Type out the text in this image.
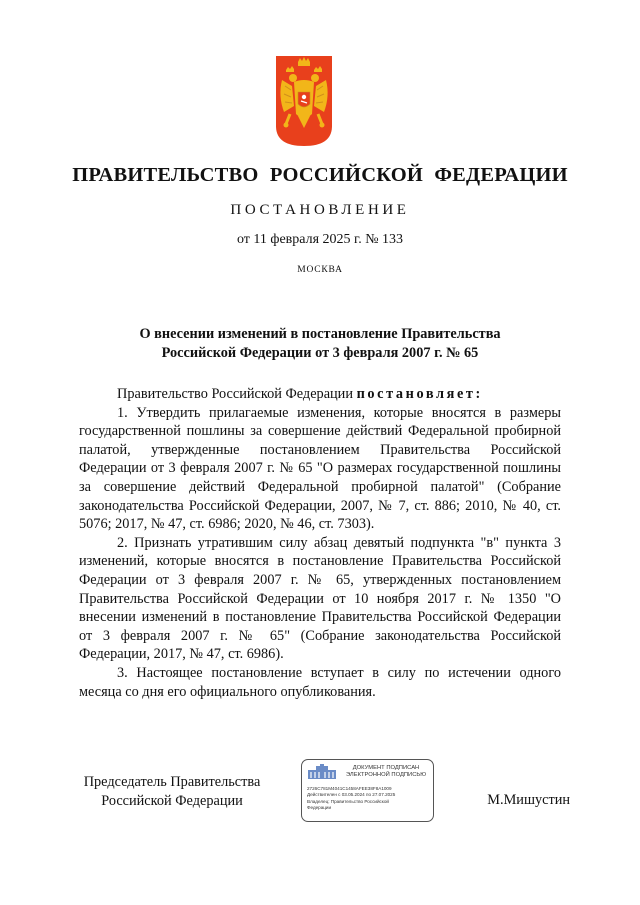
ПРАВИТЕЛЬСТВО РОССИЙСКОЙ ФЕДЕРАЦИИ
ПОСТАНОВЛЕНИЕ
от 11 февраля 2025 г. № 133
МОСКВА
О внесении изменений в постановление Правительства
Российской Федерации от 3 февраля 2007 г. № 65

Правительство Российской Федерации постановляет:

1. Утвердить прилагаемые изменения, которые вносятся в размеры государственной пошлины за совершение действий Федеральной пробирной палатой, утвержденные постановлением Правительства Российской Федерации от 3 февраля 2007 г. № 65 "О размерах государственной пошлины за совершение действий Федеральной пробирной палатой" (Собрание законодательства Российской Федерации, 2007, № 7, ст. 886; 2010, № 40, ст. 5076; 2017, № 47, ст. 6986; 2020, № 46, ст. 7303).

2. Признать утратившим силу абзац девятый подпункта "в" пункта 3 изменений, которые вносятся в постановление Правительства Российской Федерации от 3 февраля 2007 г. № 65, утвержденных постановлением Правительства Российской Федерации от 10 ноября 2017 г. № 1350 "О внесении изменений в постановление Правительства Российской Федерации от 3 февраля 2007 г. № 65" (Собрание законодательства Российской Федерации, 2017, № 47, ст. 6986).

3. Настоящее постановление вступает в силу по истечении одного месяца со дня его официального опубликования.

Председатель Правительства
Российской Федерации
ДОКУМЕНТ ПОДПИСАН
ЭЛЕКТРОННОЙ ПОДПИСЬЮ
2726C781M4041C1458AFEE38F8A1009
Действителен с 03.05.2024 по 27.07.2025
Владелец: Правительство Российской
Федерации	М.Мишустин
